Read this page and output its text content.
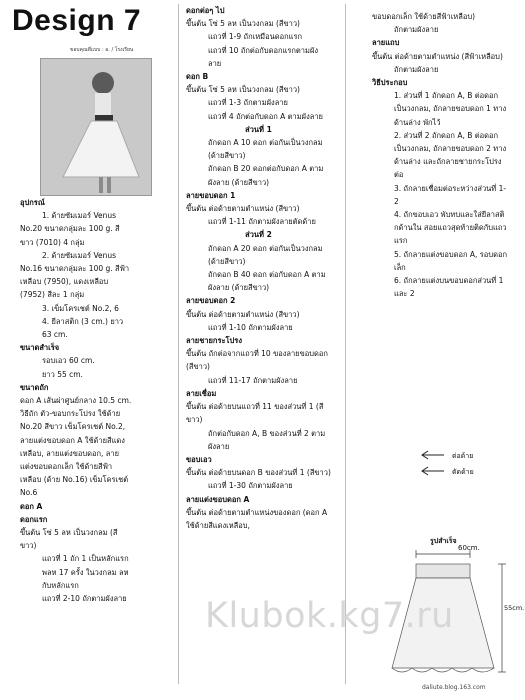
Design 7
ขอบคุณที่แบบ : อ. / โรงเรียน

อุปกรณ์

1. ด้ายซัมเมอร์ Venus

No.20 ขนาดกลุ่มละ 100 g. สีขาว (7010) 4 กลุ่ม

2. ด้ายซัมเมอร์ Venus

No.16 ขนาดกลุ่มละ 100 g. สีฟ้าเหลือบ (7950), แดงเหลือบ (7952) สีละ 1 กลุ่ม

3. เข็มโครเชต์ No.2, 6

4. ยีลาสติก (3 cm.) ยาว 63 cm.

ขนาดสำเร็จ

รอบเอว 60 cm.

ยาว 55 cm.

ขนาดถัก

ดอก A เส้นผ่าศูนย์กลาง 10.5 cm.

วิธีถัก ตัว-ขอบกระโปรง ใช้ด้าย No.20 สีขาว เข็มโครเชต์ No.2, ลายแต่งขอบดอก A ใช้ด้ายสีแดงเหลือบ, ลายแต่งขอบดอก, ลายแต่งขอบดอกเล็ก ใช้ด้ายสีฟ้าเหลือบ (ด้าย No.16) เข็มโครเชต์ No.6

ดอก A

ดอกแรก

ขึ้นต้น โซ่ 5 ลห เป็นวงกลม (สีขาว)

แถวที่ 1 ถัก 1 เป็นหลักแรก พลห 17 ครั้ง ในวงกลม ลห กับหลักแรก

แถวที่ 2-10 ถักตามผังลาย

ดอกต่อๆ ไป

ขึ้นต้น โซ่ 5 ลห เป็นวงกลม (สีขาว)

แถวที่ 1-9 ถักเหมือนดอกแรก

แถวที่ 10 ถักต่อกับดอกแรกตามผังลาย

ดอก B

ขึ้นต้น โซ่ 5 ลห เป็นวงกลม (สีขาว)

แถวที่ 1-3 ถักตามผังลาย

แถวที่ 4 ถักต่อกับดอก A ตามผังลาย

ส่วนที่ 1

ถักดอก A 10 ดอก ต่อกันเป็นวงกลม (ด้ายสีขาว)

ถักดอก B 20 ดอกต่อกับดอก A ตามผังลาย (ด้ายสีขาว)

ลายขอบดอก 1

ขึ้นต้น ต่อด้ายตามตำแหน่ง (สีขาว)

แถวที่ 1-11 ถักตามผังลายตัดด้าย

ส่วนที่ 2

ถักดอก A 20 ดอก ต่อกันเป็นวงกลม (ด้ายสีขาว)

ถักดอก B 40 ดอก ต่อกับดอก A ตามผังลาย (ด้ายสีขาว)

ลายขอบดอก 2

ขึ้นต้น ต่อด้ายตามตำแหน่ง (สีขาว)

แถวที่ 1-10 ถักตามผังลาย

ลายชายกระโปรง

ขึ้นต้น ถักต่อจากแถวที่ 10 ของลายขอบดอก (สีขาว)

แถวที่ 11-17 ถักตามผังลาย

ลายเชื่อม

ขึ้นต้น ต่อด้ายบนแถวที่ 11 ของส่วนที่ 1 (สีขาว)

ถักต่อกับดอก A, B ของส่วนที่ 2 ตามผังลาย

ขอบเอว

ขึ้นต้น ต่อด้ายบนดอก B ของส่วนที่ 1 (สีขาว)

แถวที่ 1-30 ถักตามผังลาย

ลายแต่งขอบดอก A

ขึ้นต้น ต่อด้ายตามตำแหน่งของดอก (ดอก A ใช้ด้ายสีแดงเหลือบ,

ขอบดอกเล็ก ใช้ด้ายสีฟ้าเหลือบ)

ถักตามผังลาย

ลายแถบ

ขึ้นต้น ต่อด้ายตามตำแหน่ง (สีฟ้าเหลือบ)

ถักตามผังลาย

วิธีประกอบ

1. ส่วนที่ 1 ถักดอก A, B ต่อดอกเป็นวงกลม, ถักลายขอบดอก 1 ทางด้านล่าง พักไว้

2. ส่วนที่ 2 ถักดอก A, B ต่อดอกเป็นวงกลม, ถักลายขอบดอก 2 ทางด้านล่าง และถักลายชายกระโปรงต่อ

3. ถักลายเชื่อมต่อระหว่างส่วนที่ 1-2

4. ถักขอบเอว พับทบและใส่ยีลาสติกด้านใน สอยแถวสุดท้ายติดกับแถวแรก

5. ถักลายแต่งขอบดอก A, รอบดอกเล็ก

6. ถักลายแต่งบนขอบดอกส่วนที่ 1 และ 2

ต่อด้าย
ตัดด้าย
รูปสำเร็จ
60cm.
55cm.
Klubok.kg7.ru
daliute.blog.163.com
